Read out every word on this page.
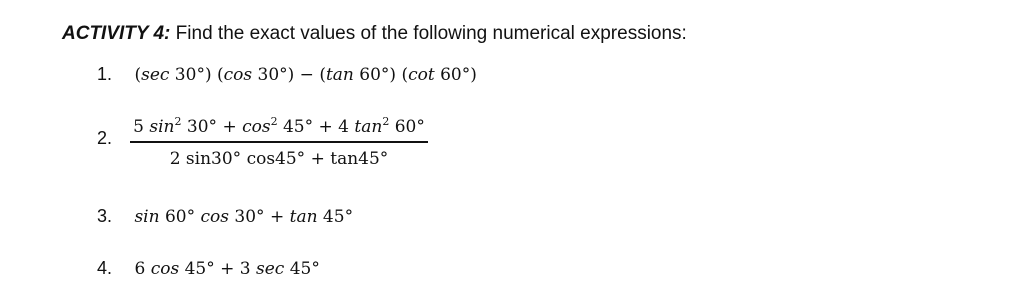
ACTIVITY 4: Find the exact values of the following numerical expressions:
1. (sec 30°) (cos 30°) − (tan 60°) (cot 60°)
2.
5 $\sin^2 30^\circ + \cos^2 45^\circ + 4$ $\tan^2 60^\circ$
2 sin30° cos45° + tan45°
3. sin 60° cos 30° + tan 45°
4. 6 cos 45° + 3 sec 45°
